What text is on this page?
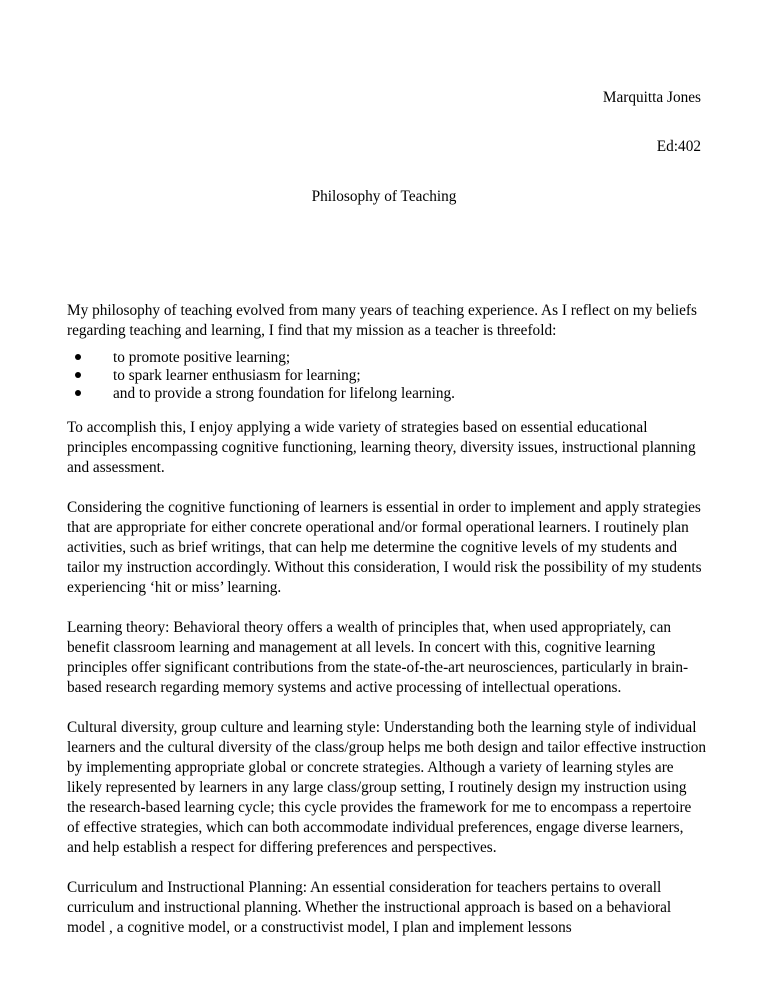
Marquitta Jones
Ed:402
Philosophy of Teaching

My philosophy of teaching evolved from many years of teaching experience. As I reflect on my beliefs regarding teaching and learning, I find that my mission as a teacher is threefold:

to promote positive learning;
to spark learner enthusiasm for learning;
and to provide a strong foundation for lifelong learning.

To accomplish this, I enjoy applying a wide variety of strategies based on essential educational principles encompassing cognitive functioning, learning theory, diversity issues, instructional planning and assessment.

Considering the cognitive functioning of learners is essential in order to implement and apply strategies that are appropriate for either concrete operational and/or formal operational learners. I routinely plan activities, such as brief writings, that can help me determine the cognitive levels of my students and tailor my instruction accordingly. Without this consideration, I would risk the possibility of my students experiencing ‘hit or miss’ learning.

Learning theory: Behavioral theory offers a wealth of principles that, when used appropriately, can benefit classroom learning and management at all levels. In concert with this, cognitive learning principles offer significant contributions from the state-of-the-art neurosciences, particularly in brain-based research regarding memory systems and active processing of intellectual operations.

Cultural diversity, group culture and learning style: Understanding both the learning style of individual learners and the cultural diversity of the class/group helps me both design and tailor effective instruction by implementing appropriate global or concrete strategies. Although a variety of learning styles are likely represented by learners in any large class/group setting, I routinely design my instruction using the research-based learning cycle; this cycle provides the framework for me to encompass a repertoire of effective strategies, which can both accommodate individual preferences, engage diverse learners, and help establish a respect for differing preferences and perspectives.

Curriculum and Instructional Planning: An essential consideration for teachers pertains to overall curriculum and instructional planning. Whether the instructional approach is based on a behavioral model , a cognitive model, or a constructivist model, I plan and implement lessons
